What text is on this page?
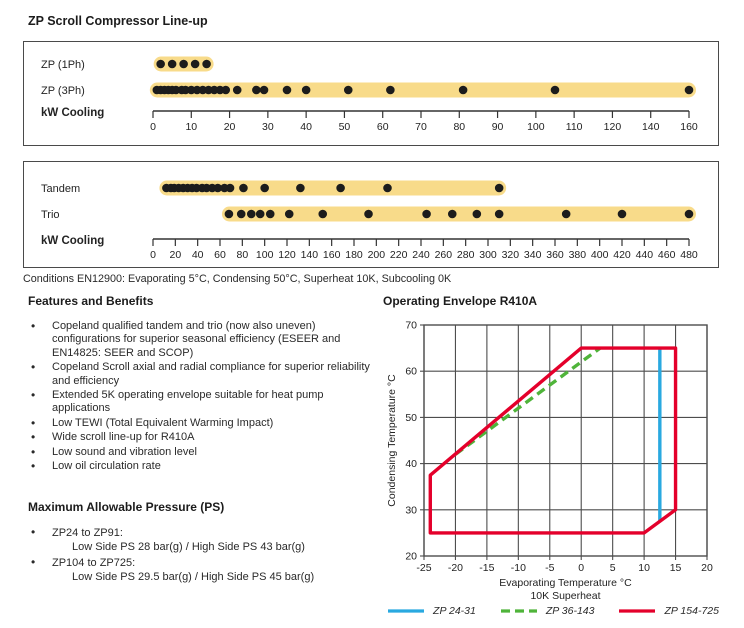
ZP Scroll Compressor Line-up
ZP (1Ph)
ZP (3Ph)
0	10	20	30	40	50	60	70	80	90 100 110 120 140 160
kW Cooling
Tandem
Trio
0 20 40 60 80 100 120 140 160 180 200 220 240 260 280 300 320 340 360 380 400 420 440 460 480
kW Cooling

Conditions EN12900: Evaporating 5°C, Condensing 50°C, Superheat 10K, Subcooling 0K

Features and Benefits
• Copeland qualified tandem and trio (now also uneven) configurations for superior seasonal efficiency (ESEER and EN14825: SEER and SCOP)
• Copeland Scroll axial and radial compliance for superior reliability and efficiency
• Extended 5K operating envelope suitable for heat pump applications
• Low TEWI (Total Equivalent Warming Impact)
• Wide scroll line-up for R410A
• Low sound and vibration level
• Low oil circulation rate
Maximum Allowable Pressure (PS)
• ZP24 to ZP91:
Low Side PS 28 bar(g) / High Side PS 43 bar(g)
• ZP104 to ZP725:
Low Side PS 29.5 bar(g) / High Side PS 45 bar(g)
Operating Envelope R410A
-25 -20 -15 -10 -5 0 5 10 15 20
20
30
40
50
60
70
Evaporating Temperature °C
10K Superheat
Condensing Temperature °C
ZP 24-31	ZP 36-143	ZP 154-725
